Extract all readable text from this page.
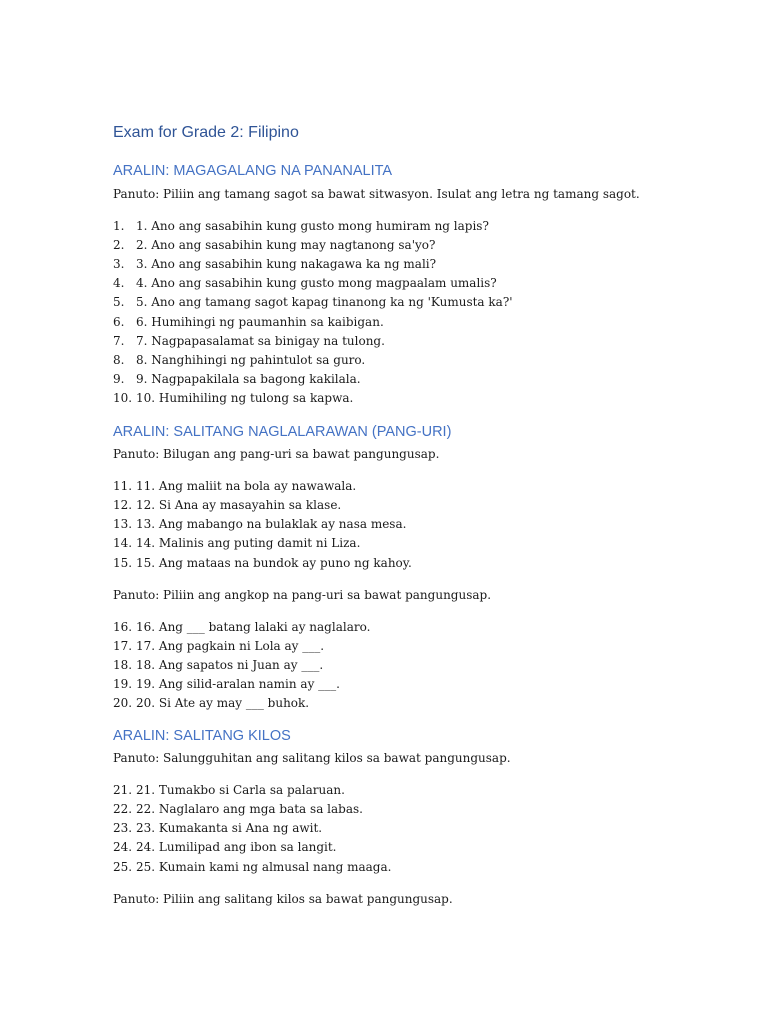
Exam for Grade 2: Filipino
ARALIN: MAGAGALANG NA PANANALITA
Panuto: Piliin ang tamang sagot sa bawat sitwasyon. Isulat ang letra ng tamang sagot.
1. 1. Ano ang sasabihin kung gusto mong humiram ng lapis?
2. 2. Ano ang sasabihin kung may nagtanong sa'yo?
3. 3. Ano ang sasabihin kung nakagawa ka ng mali?
4. 4. Ano ang sasabihin kung gusto mong magpaalam umalis?
5. 5. Ano ang tamang sagot kapag tinanong ka ng 'Kumusta ka?'
6. 6. Humihingi ng paumanhin sa kaibigan.
7. 7. Nagpapasalamat sa binigay na tulong.
8. 8. Nanghihingi ng pahintulot sa guro.
9. 9. Nagpapakilala sa bagong kakilala.
10. 10. Humihiling ng tulong sa kapwa.
ARALIN: SALITANG NAGLALARAWAN (PANG-URI)
Panuto: Bilugan ang pang-uri sa bawat pangungusap.
11. 11. Ang maliit na bola ay nawawala.
12. 12. Si Ana ay masayahin sa klase.
13. 13. Ang mabango na bulaklak ay nasa mesa.
14. 14. Malinis ang puting damit ni Liza.
15. 15. Ang mataas na bundok ay puno ng kahoy.
Panuto: Piliin ang angkop na pang-uri sa bawat pangungusap.
16. 16. Ang ___ batang lalaki ay naglalaro.
17. 17. Ang pagkain ni Lola ay ___.
18. 18. Ang sapatos ni Juan ay ___.
19. 19. Ang silid-aralan namin ay ___.
20. 20. Si Ate ay may ___ buhok.
ARALIN: SALITANG KILOS
Panuto: Salungguhitan ang salitang kilos sa bawat pangungusap.
21. 21. Tumakbo si Carla sa palaruan.
22. 22. Naglalaro ang mga bata sa labas.
23. 23. Kumakanta si Ana ng awit.
24. 24. Lumilipad ang ibon sa langit.
25. 25. Kumain kami ng almusal nang maaga.
Panuto: Piliin ang salitang kilos sa bawat pangungusap.
